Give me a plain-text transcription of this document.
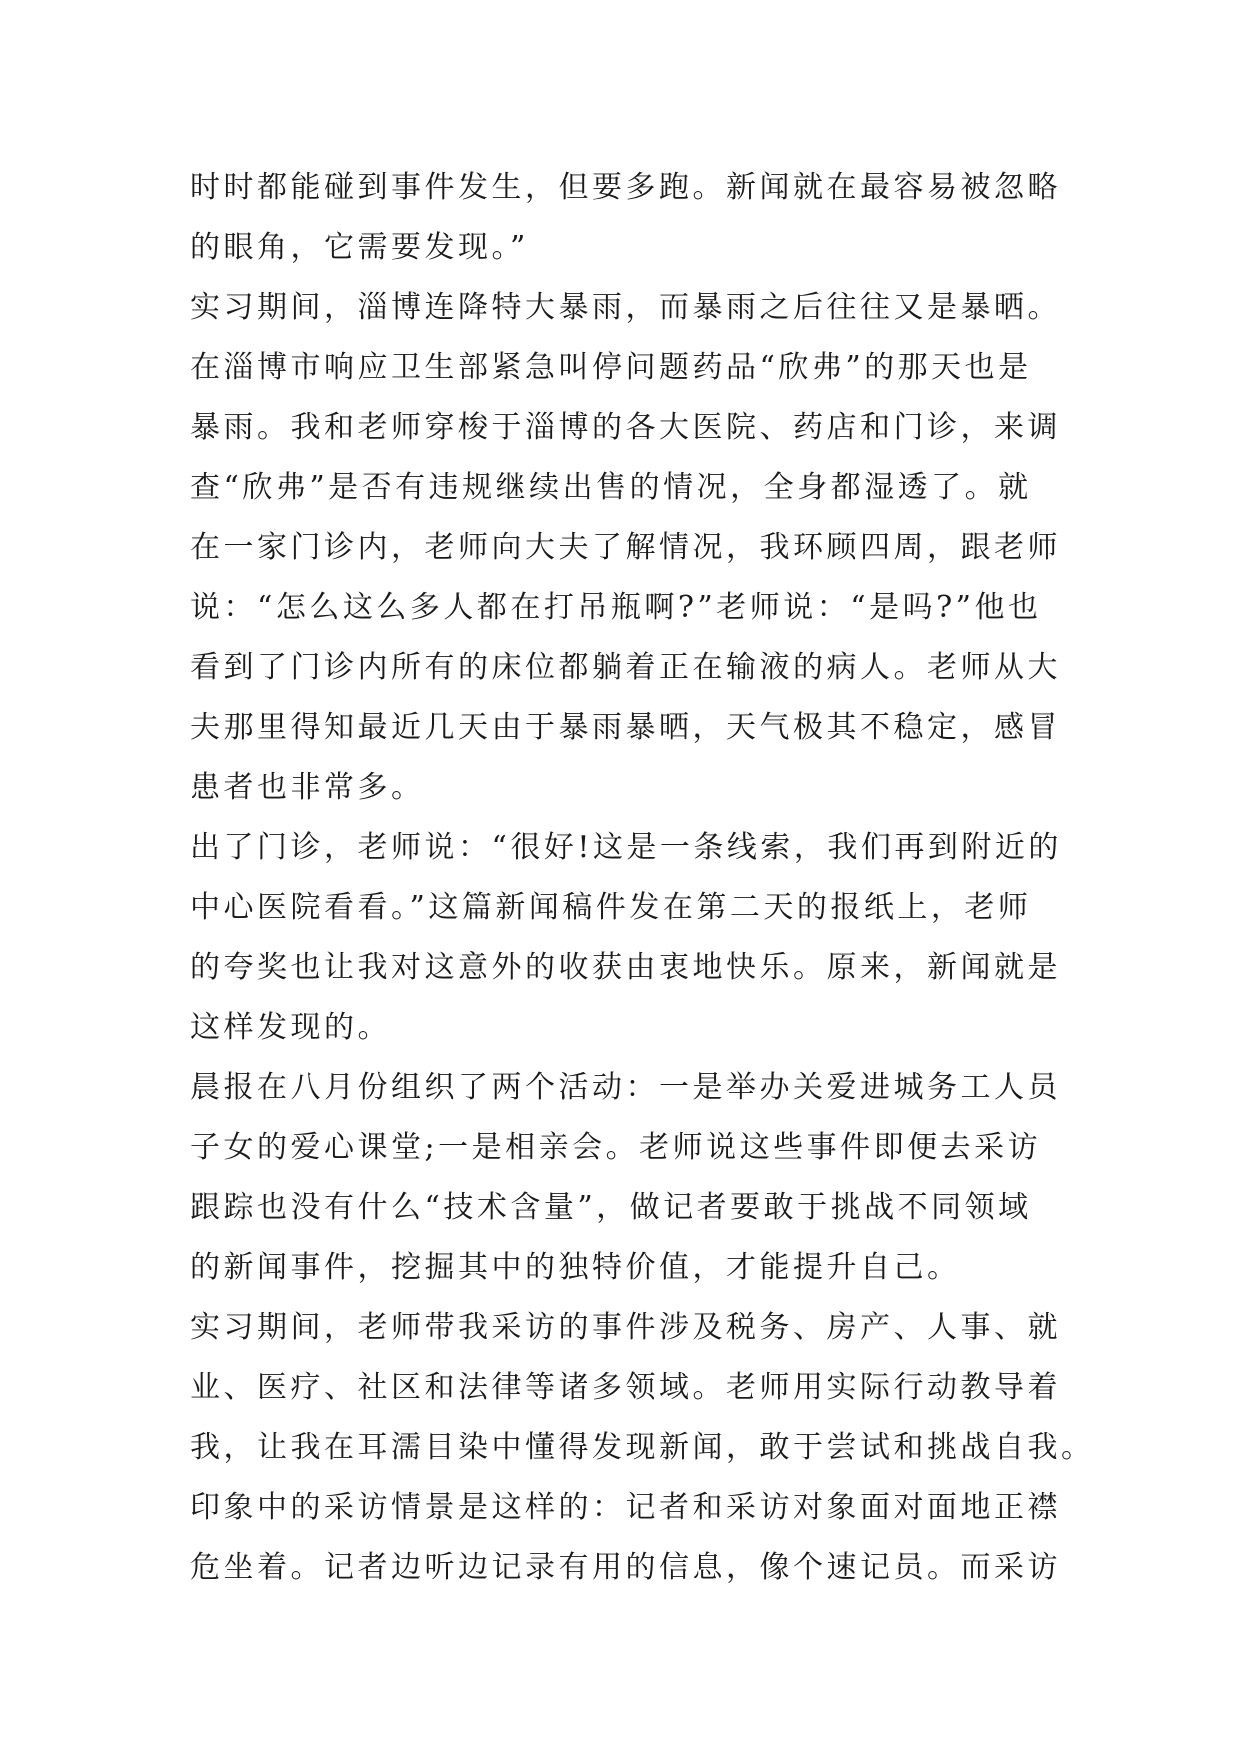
时时都能碰到事件发生，但要多跑。新闻就在最容易被忽略
的眼角，它需要发现。”
实习期间，淄博连降特大暴雨，而暴雨之后往往又是暴晒。
在淄博市响应卫生部紧急叫停问题药品“欣弗”的那天也是
暴雨。我和老师穿梭于淄博的各大医院、药店和门诊，来调
查“欣弗”是否有违规继续出售的情况，全身都湿透了。就
在一家门诊内，老师向大夫了解情况，我环顾四周，跟老师
说：“怎么这么多人都在打吊瓶啊?”老师说：“是吗?”他也
看到了门诊内所有的床位都躺着正在输液的病人。老师从大
夫那里得知最近几天由于暴雨暴晒，天气极其不稳定，感冒
患者也非常多。
出了门诊，老师说：“很好!这是一条线索，我们再到附近的
中心医院看看。”这篇新闻稿件发在第二天的报纸上，老师
的夸奖也让我对这意外的收获由衷地快乐。原来，新闻就是
这样发现的。
晨报在八月份组织了两个活动：一是举办关爱进城务工人员
子女的爱心课堂;一是相亲会。老师说这些事件即便去采访
跟踪也没有什么“技术含量”，做记者要敢于挑战不同领域
的新闻事件，挖掘其中的独特价值，才能提升自己。
实习期间，老师带我采访的事件涉及税务、房产、人事、就
业、医疗、社区和法律等诸多领域。老师用实际行动教导着
我，让我在耳濡目染中懂得发现新闻，敢于尝试和挑战自我。
印象中的采访情景是这样的：记者和采访对象面对面地正襟
危坐着。记者边听边记录有用的信息，像个速记员。而采访
